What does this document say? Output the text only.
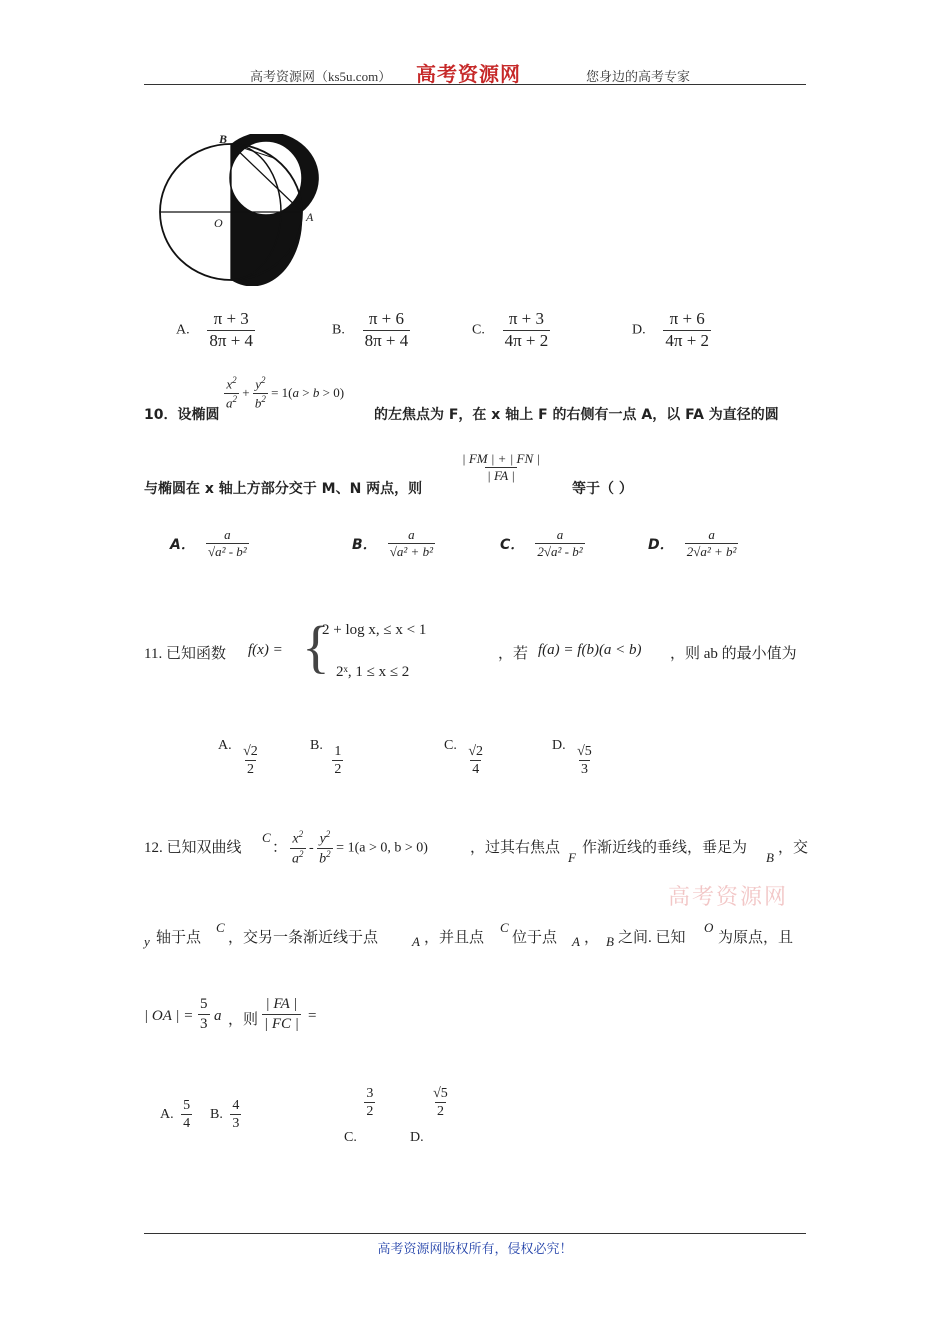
高考资源网（ks5u.com） 高考资源网	您身边的高考专家
B
O	A
A. $\frac{\pi + 3}{8\pi + 4}$	B. $\frac{\pi + 6}{8\pi + 4}$	C. $\frac{\pi + 3}{4\pi + 2}$	D. $\frac{\pi + 6}{4\pi + 2}$
10．设椭圆
$\frac{x^2}{a^2} + \frac{y^2}{b^2} = 1(a > b > 0)$
的左焦点为 F，在 x 轴上 F 的右侧有一点 A，以 FA 为直径的圆
与椭圆在 x 轴上方部分交于 M、N 两点，则
| FM | + | FN |
| FA |
等于（ ）
A． $\frac{a}{\text{√a² - b²}}$	B． $\frac{a}{\text{√a² + b²}}$	C． $\frac{a}{\text{2√a² - b²}}$	D． $\frac{a}{\text{2√a² + b²}}$
11. 已知函数 f(x) = {
2 + log x, ≤ x < 1
2ˣ, 1 ≤ x ≤ 2
，若 f(a) = f(b)(a < b) ，则 ab 的最小值为
A. $\frac{√2}{2}$	B. $\frac{1}{2}$	C. $\frac{√2}{4}$	D. $\frac{√5}{3}$
12. 已知双曲线
C
： $\frac{x^2}{a^2} - \frac{y^2}{b^2} = 1(a > 0$, b > 0)	，过其右焦点
F
作渐近线的垂线，垂足为
B
，交
高考资源网
y 轴于点
C
，交另一条渐近线于点	A ，并且点
C
位于点 A ， B 之间. 已知
O
为原点，且
| OA | =
5
3 a ，则
| FA |
| FC | =
A. $\frac{5}{4} B$. $\frac{4}{3}$
C.
$\frac{3}{2}$
D.
$\frac{√5}{2}$
高考资源网版权所有，侵权必究！
